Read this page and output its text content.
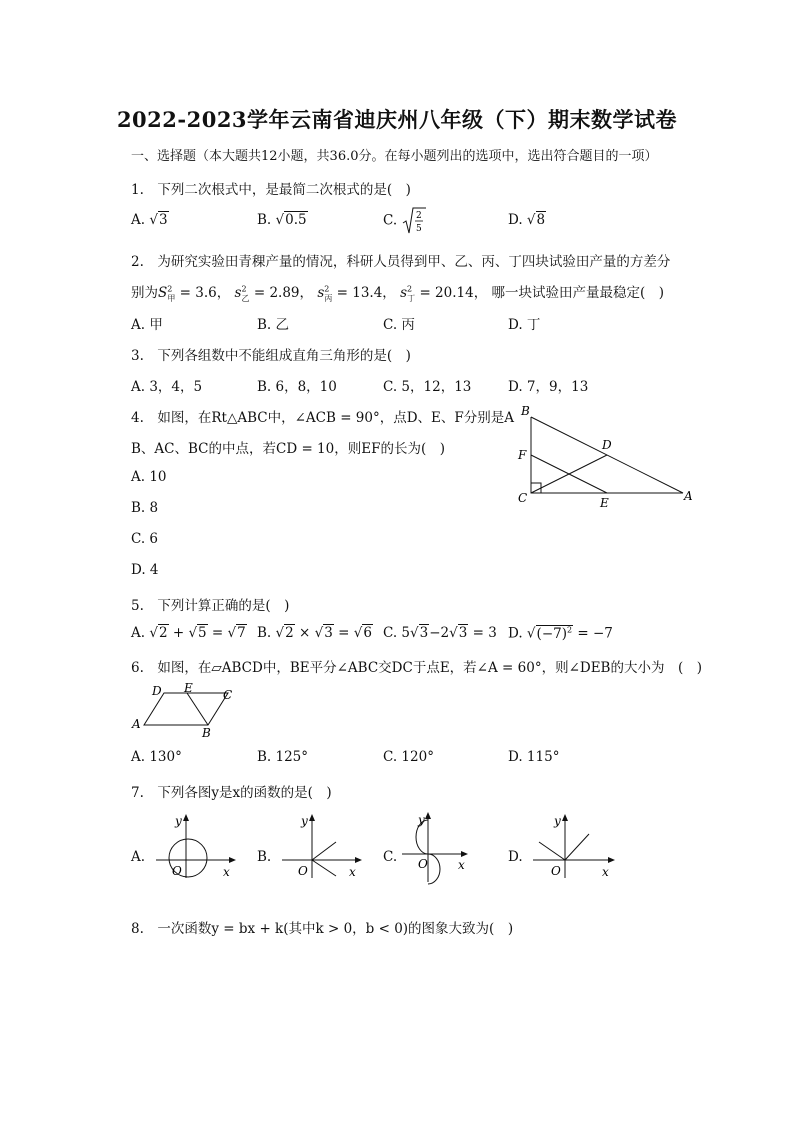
2022-2023学年云南省迪庆州八年级（下）期末数学试卷
一、选择题（本大题共12小题，共36.0分。在每小题列出的选项中，选出符合题目的一项）
1.　下列二次根式中，是最简二次根式的是(　)
A. √3	B. √0.5	C. 2
5
D. √8
2.　为研究实验田青稞产量的情况，科研人员得到甲、乙、丙、丁四块试验田产量的方差分
别为$S^2_甲 = 3.6$， $s^2_乙 = 2.89$， $s^2_丙 = 13.4$， $s^2_丁 = 20.14$， 哪一块试验田产量最稳定(　)
A. 甲	B. 乙	C. 丙	D. 丁
3.　下列各组数中不能组成直角三角形的是(　)
A. 3，4，5	B. 6，8，10	C. 5，12，13	D. 7，9，13
4.　如图，在Rt△ABC中，∠ACB = 90°，点D、E、F分别是A
B、AC、BC的中点，若CD = 10，则EF的长为(　)
A. 10
B. 8
C. 6
D. 4
B
D
F
C	E	A
5.　下列计算正确的是(　)
A. √2 + √5 = √7 B. √2 × √3 = √6 C. 5√3−2√3 = 3 D. $√(-7)^2 = -7$
6.　如图，在▱ABCD中，BE平分∠ABC交DC于点E，若∠A = 60°，则∠DEB的大小为　(　)
D E	C
A
B
A. 130°	B. 125°	C. 120°	D. 115°
7.　下列各图y是x的函数的是(　)
A.
y
x
O
B.
y
x
O
C.
y
x
O	D.
y
x
O
8.　一次函数y = bx + k(其中k > 0，b < 0)的图象大致为(　)
